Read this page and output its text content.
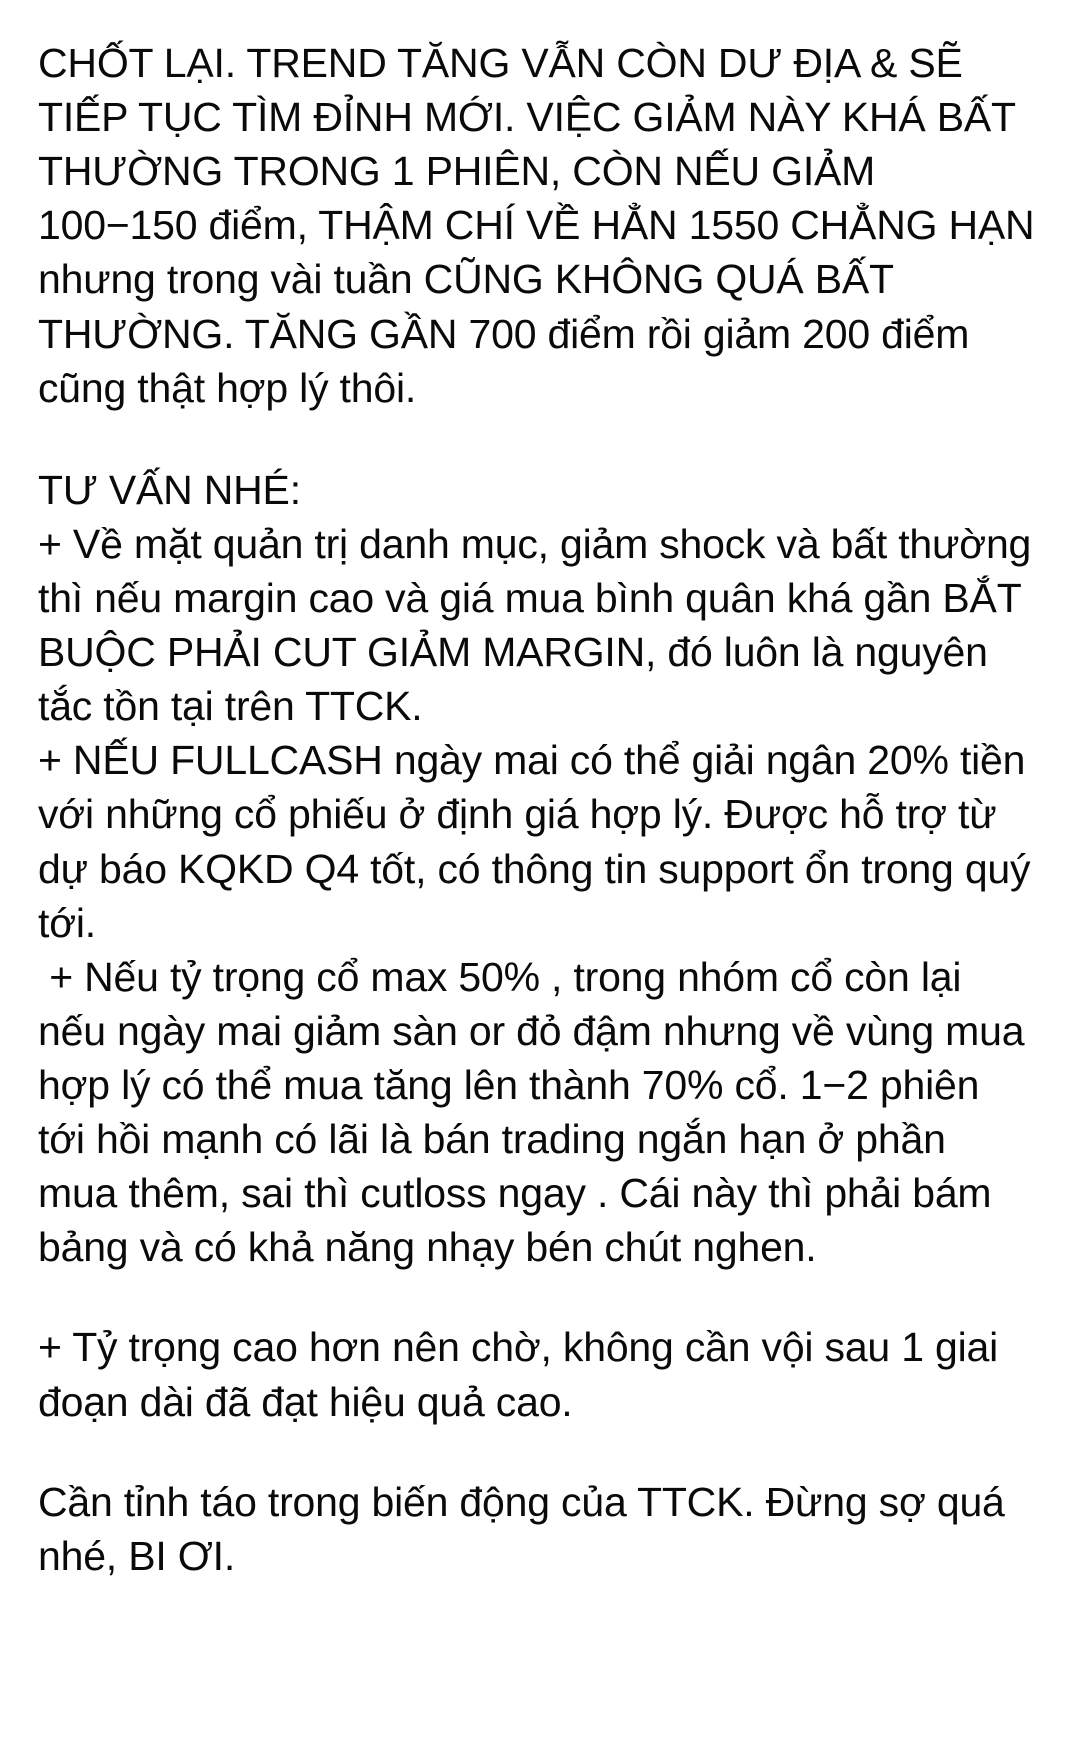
CHỐT LẠI. TREND TĂNG VẪN CÒN DƯ ĐỊA & SẼ TIẾP TỤC TÌM ĐỈNH MỚI. VIỆC GIẢM NÀY KHÁ BẤT THƯỜNG TRONG 1 PHIÊN, CÒN NẾU GIẢM 100−150 điểm, THẬM CHÍ VỀ HẲN 1550 CHẲNG HẠN nhưng trong vài tuần CŨNG KHÔNG QUÁ BẤT THƯỜNG. TĂNG GẦN 700 điểm rồi giảm 200 điểm cũng thật hợp lý thôi.

TƯ VẤN NHÉ:

+ Về mặt quản trị danh mục, giảm shock và bất thường thì nếu margin cao và giá mua bình quân khá gần BẮT BUỘC PHẢI CUT GIẢM MARGIN, đó luôn là nguyên tắc tồn tại trên TTCK.

+ NẾU FULLCASH ngày mai có thể giải ngân 20% tiền với những cổ phiếu ở định giá hợp lý. Được hỗ trợ từ dự báo KQKD Q4 tốt, có thông tin support ổn trong quý tới.

+ Nếu tỷ trọng cổ max 50% , trong nhóm cổ còn lại nếu ngày mai giảm sàn or đỏ đậm nhưng về vùng mua hợp lý có thể mua tăng lên thành 70% cổ. 1−2 phiên tới hồi mạnh có lãi là bán trading ngắn hạn ở phần mua thêm, sai thì cutloss ngay . Cái này thì phải bám bảng và có khả năng nhạy bén chút nghen.

+ Tỷ trọng cao hơn nên chờ, không cần vội sau 1 giai đoạn dài đã đạt hiệu quả cao.

Cần tỉnh táo trong biến động của TTCK. Đừng sợ quá nhé, BI ƠI.
